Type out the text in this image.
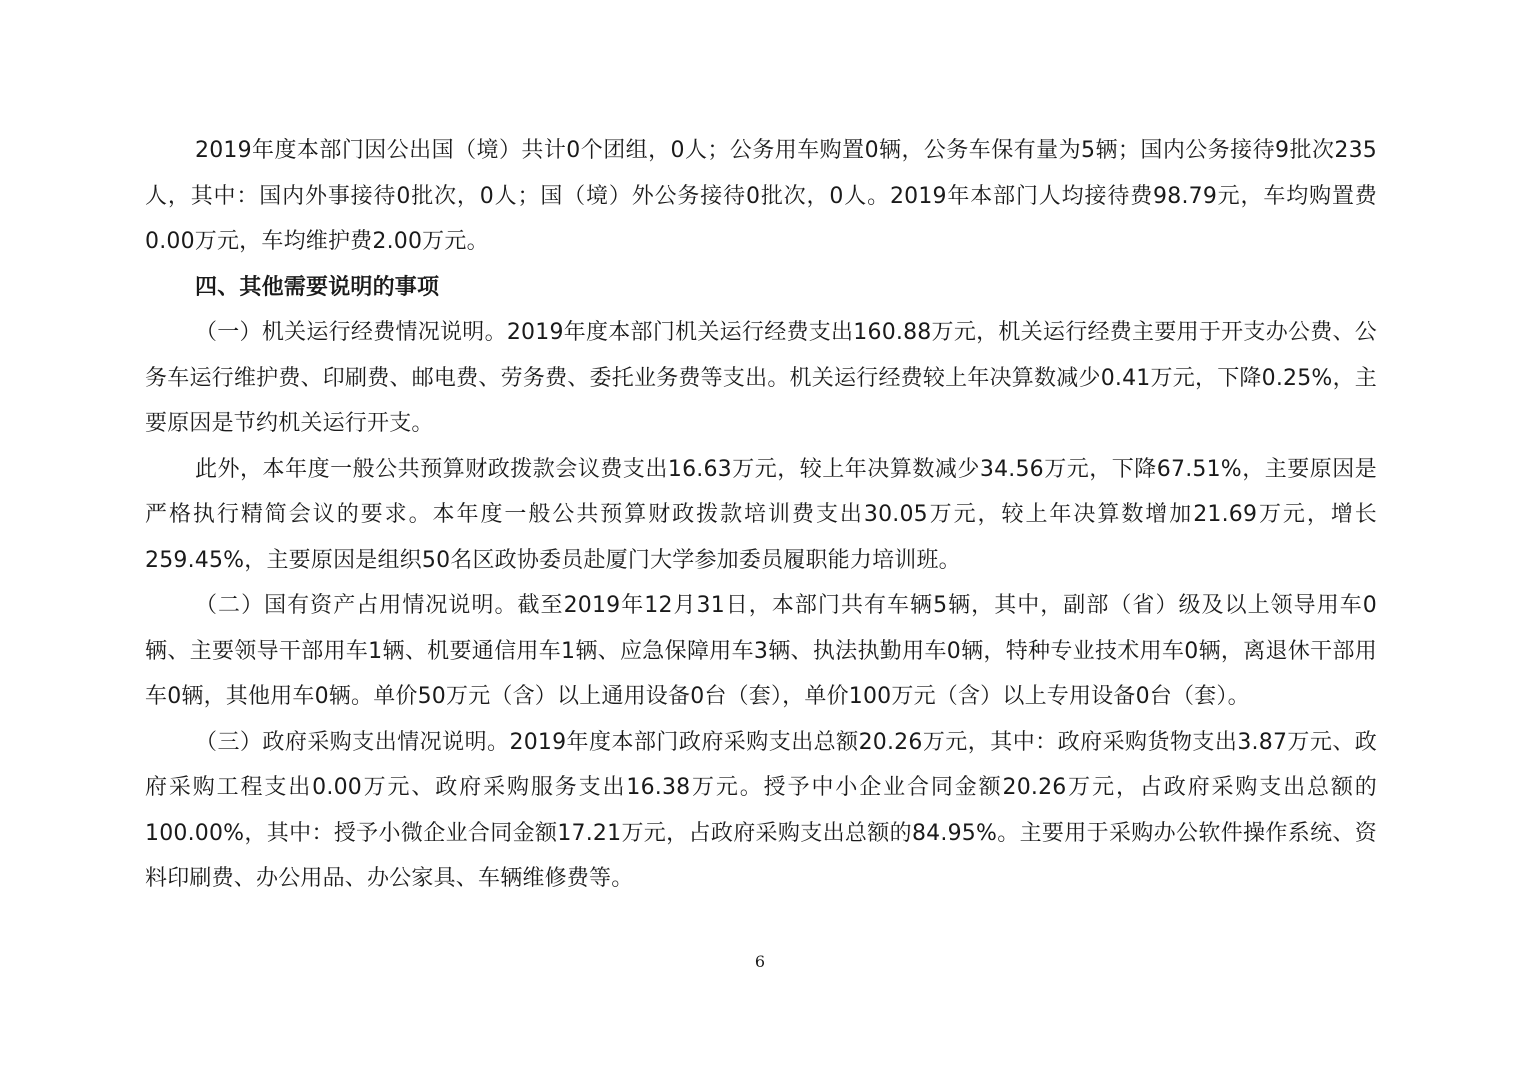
2019年度本部门因公出国（境）共计0个团组，0人；公务用车购置0辆，公务车保有量为5辆；国内公务接待9批次235人，其中：国内外事接待0批次，0人；国（境）外公务接待0批次，0人。2019年本部门人均接待费98.79元，车均购置费0.00万元，车均维护费2.00万元。

四、其他需要说明的事项

（一）机关运行经费情况说明。2019年度本部门机关运行经费支出160.88万元，机关运行经费主要用于开支办公费、公务车运行维护费、印刷费、邮电费、劳务费、委托业务费等支出。机关运行经费较上年决算数减少0.41万元，下降0.25%，主要原因是节约机关运行开支。

此外，本年度一般公共预算财政拨款会议费支出16.63万元，较上年决算数减少34.56万元，下降67.51%，主要原因是严格执行精简会议的要求。本年度一般公共预算财政拨款培训费支出30.05万元，较上年决算数增加21.69万元，增长259.45%，主要原因是组织50名区政协委员赴厦门大学参加委员履职能力培训班。

（二）国有资产占用情况说明。截至2019年12月31日，本部门共有车辆5辆，其中，副部（省）级及以上领导用车0辆、主要领导干部用车1辆、机要通信用车1辆、应急保障用车3辆、执法执勤用车0辆，特种专业技术用车0辆，离退休干部用车0辆，其他用车0辆。单价50万元（含）以上通用设备0台（套），单价100万元（含）以上专用设备0台（套）。

（三）政府采购支出情况说明。2019年度本部门政府采购支出总额20.26万元，其中：政府采购货物支出3.87万元、政府采购工程支出0.00万元、政府采购服务支出16.38万元。授予中小企业合同金额20.26万元，占政府采购支出总额的100.00%，其中：授予小微企业合同金额17.21万元，占政府采购支出总额的84.95%。主要用于采购办公软件操作系统、资料印刷费、办公用品、办公家具、车辆维修费等。

6
